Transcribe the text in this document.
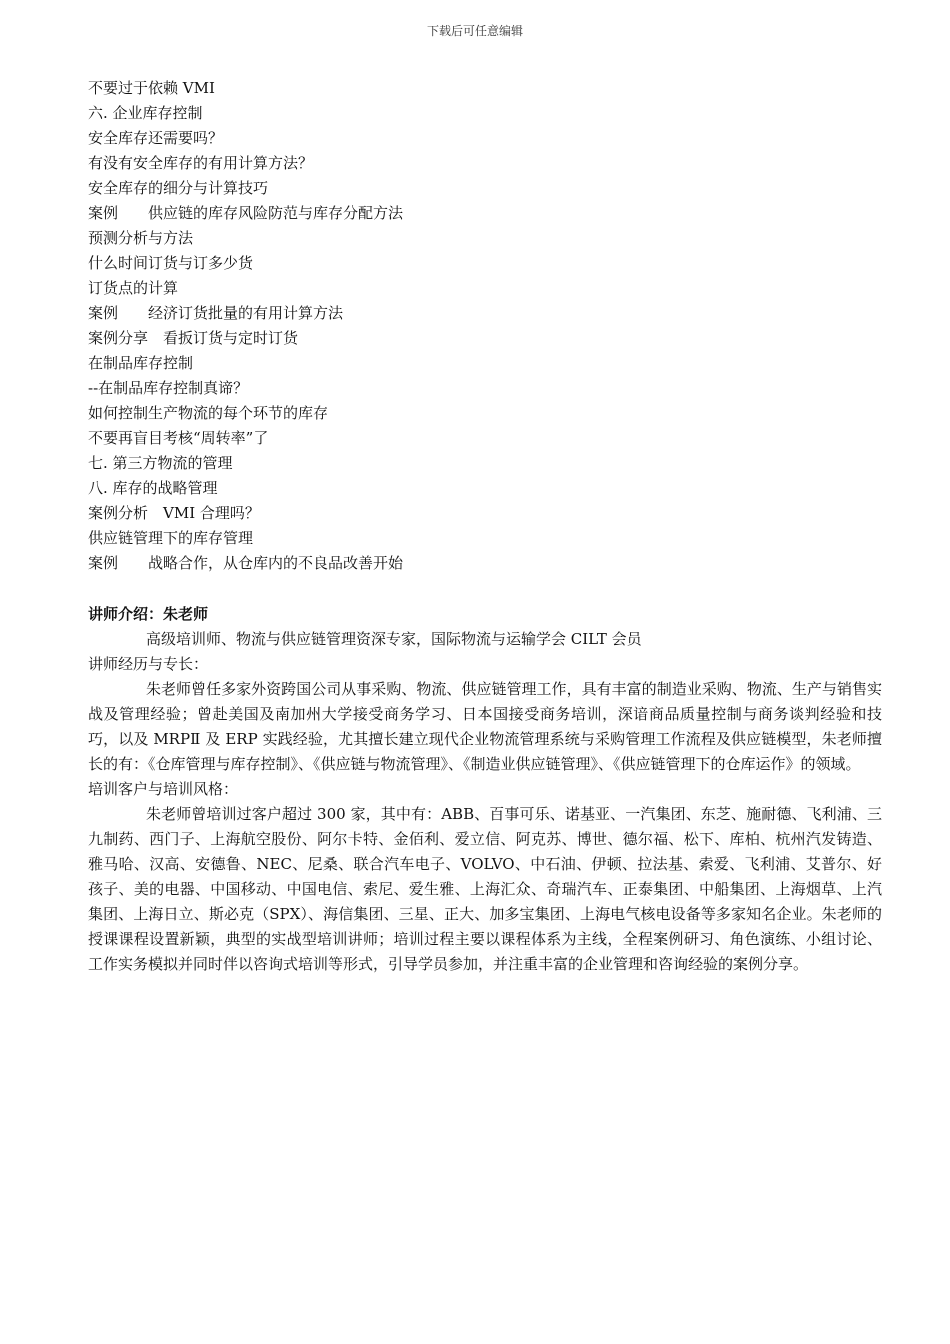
下载后可任意编辑
不要过于依赖 VMI
六. 企业库存控制
安全库存还需要吗？
有没有安全库存的有用计算方法？
安全库存的细分与计算技巧
案例　　供应链的库存风险防范与库存分配方法
预测分析与方法
什么时间订货与订多少货
订货点的计算
案例　　经济订货批量的有用计算方法
案例分享　看扳订货与定时订货
在制品库存控制
--在制品库存控制真谛？
如何控制生产物流的每个环节的库存
不要再盲目考核“周转率”了
七. 第三方物流的管理
八. 库存的战略管理
案例分析　VMI 合理吗？
供应链管理下的库存管理
案例　　战略合作，从仓库内的不良品改善开始
讲师介绍：朱老师
高级培训师、物流与供应链管理资深专家，国际物流与运输学会 CILT 会员
讲师经历与专长：

朱老师曾任多家外资跨国公司从事采购、物流、供应链管理工作，具有丰富的制造业采购、物流、生产与销售实战及管理经验；曾赴美国及南加州大学接受商务学习、日本国接受商务培训，深谙商品质量控制与商务谈判经验和技巧，以及 MRPⅡ 及 ERP 实践经验，尤其擅长建立现代企业物流管理系统与采购管理工作流程及供应链模型，朱老师擅长的有：《仓库管理与库存控制》、《供应链与物流管理》、《制造业供应链管理》、《供应链管理下的仓库运作》的领域。

培训客户与培训风格：

朱老师曾培训过客户超过 300 家，其中有：ABB、百事可乐、诺基亚、一汽集团、东芝、施耐德、飞利浦、三九制药、西门子、上海航空股份、阿尔卡特、金佰利、爱立信、阿克苏、博世、德尔福、松下、库柏、杭州汽发铸造、雅马哈、汉高、安德鲁、NEC、尼桑、联合汽车电子、VOLVO、中石油、伊顿、拉法基、索爱、飞利浦、艾普尔、好孩子、美的电器、中国移动、中国电信、索尼、爱生雅、上海汇众、奇瑞汽车、正泰集团、中船集团、上海烟草、上汽集团、上海日立、斯必克（SPX）、海信集团、三星、正大、加多宝集团、上海电气核电设备等多家知名企业。朱老师的授课课程设置新颖，典型的实战型培训讲师；培训过程主要以课程体系为主线，全程案例研习、角色演练、小组讨论、工作实务模拟并同时伴以咨询式培训等形式，引导学员参加，并注重丰富的企业管理和咨询经验的案例分享。
